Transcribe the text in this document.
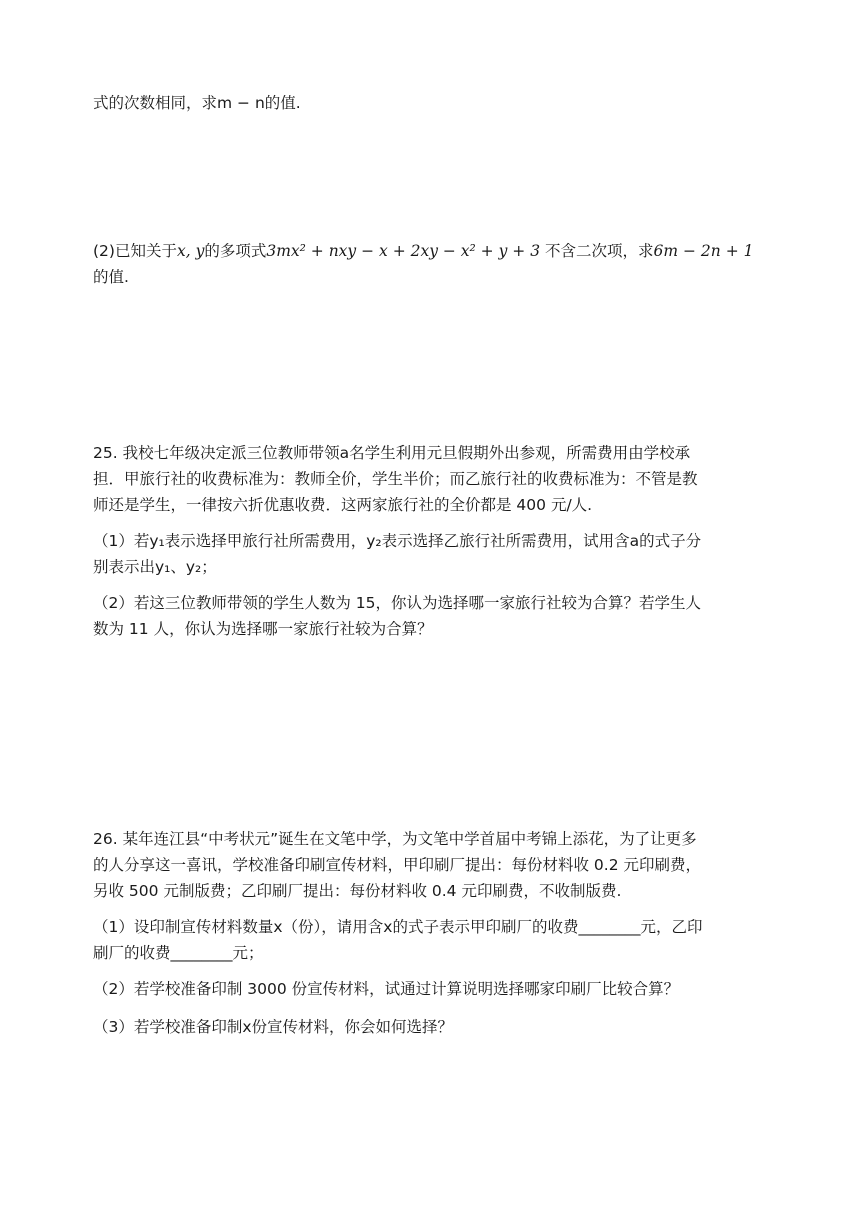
式的次数相同，求m − n的值.
(2)已知关于x, y的多项式3mx² + nxy − x + 2xy − x² + y + 3 不含二次项，求6m − 2n + 1
的值.
25. 我校七年级决定派三位教师带领a名学生利用元旦假期外出参观，所需费用由学校承
担．甲旅行社的收费标准为：教师全价，学生半价；而乙旅行社的收费标准为：不管是教
师还是学生，一律按六折优惠收费．这两家旅行社的全价都是 400 元/人.
（1）若y₁表示选择甲旅行社所需费用，y₂表示选择乙旅行社所需费用，试用含a的式子分
别表示出y₁、y₂；
（2）若这三位教师带领的学生人数为 15，你认为选择哪一家旅行社较为合算？若学生人
数为 11 人，你认为选择哪一家旅行社较为合算？
26. 某年连江县“中考状元”诞生在文笔中学，为文笔中学首届中考锦上添花，为了让更多
的人分享这一喜讯，学校准备印刷宣传材料，甲印刷厂提出：每份材料收 0.2 元印刷费，
另收 500 元制版费；乙印刷厂提出：每份材料收 0.4 元印刷费，不收制版费.
（1）设印制宣传材料数量x（份），请用含x的式子表示甲印刷厂的收费________元，乙印
刷厂的收费________元；
（2）若学校准备印制 3000 份宣传材料，试通过计算说明选择哪家印刷厂比较合算？
（3）若学校准备印制x份宣传材料，你会如何选择？
